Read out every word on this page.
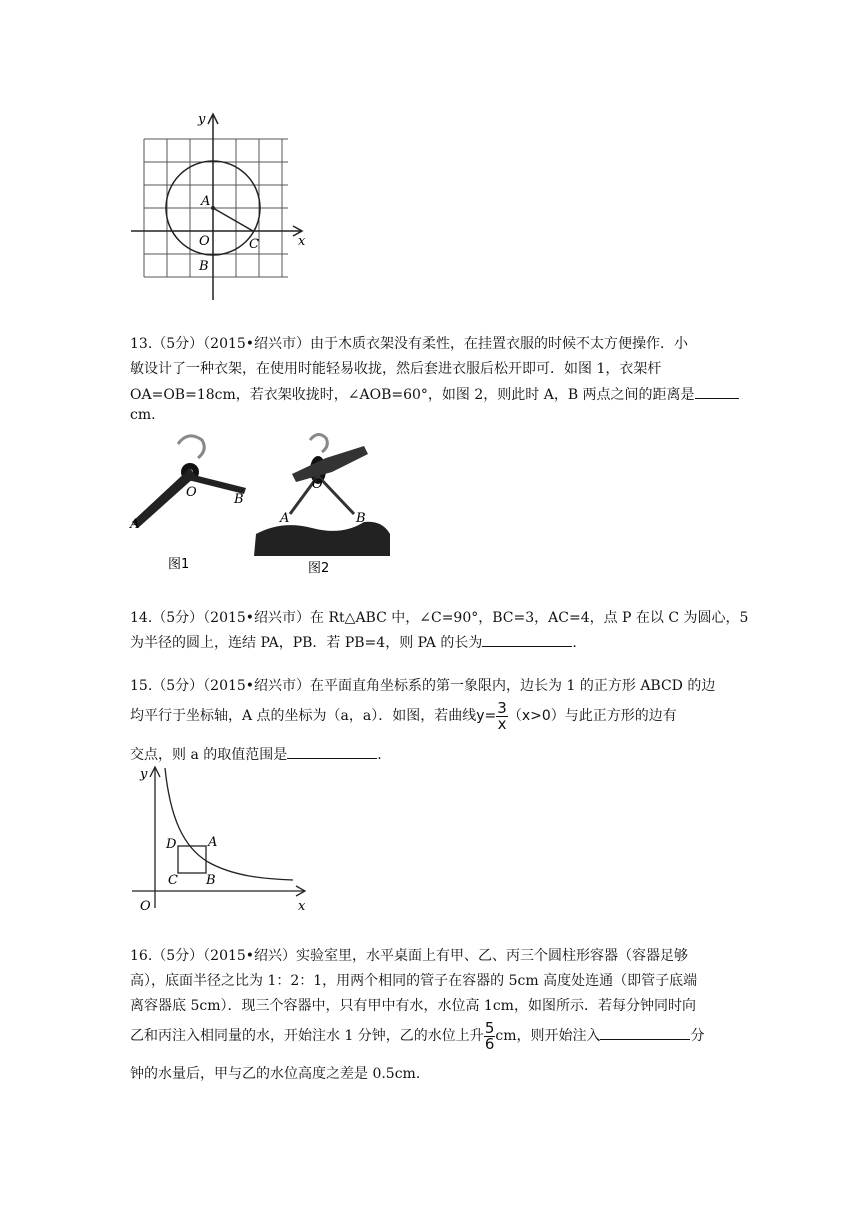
y
x
A
O
B
C
13.（5分）（2015•绍兴市）由于木质衣架没有柔性，在挂置衣服的时候不太方便操作．小
敏设计了一种衣架，在使用时能轻易收拢，然后套进衣服后松开即可．如图 1，衣架杆
OA=OB=18cm，若衣架收拢时，∠AOB=60°，如图 2，则此时 A，B 两点之间的距离是
cm.
O
A
B
图1
O
A	B
图2
14.（5分）（2015•绍兴市）在 Rt△ABC 中，∠C=90°，BC=3，AC=4，点 P 在以 C 为圆心，5
为半径的圆上，连结 PA，PB．若 PB=4，则 PA 的长为	.
15.（5分）（2015•绍兴市）在平面直角坐标系的第一象限内，边长为 1 的正方形 ABCD 的边
均平行于坐标轴，A 点的坐标为（a，a）．如图，若曲线$y= \frac{3}{x} (x>0)$与此正方形的边有
交点，则 a 的取值范围是	.
y
x
O
D A
C B
16.（5分）（2015•绍兴）实验室里，水平桌面上有甲、乙、丙三个圆柱形容器（容器足够
高），底面半径之比为 1：2：1，用两个相同的管子在容器的 5cm 高度处连通（即管子底端
离容器底 5cm）．现三个容器中，只有甲中有水，水位高 1cm，如图所示．若每分钟同时向
乙和丙注入相同量的水，开始注水 1 分钟，乙的水位上升 $\frac{5}{6}$ cm，则开始注入	分
钟的水量后，甲与乙的水位高度之差是 0.5cm.
